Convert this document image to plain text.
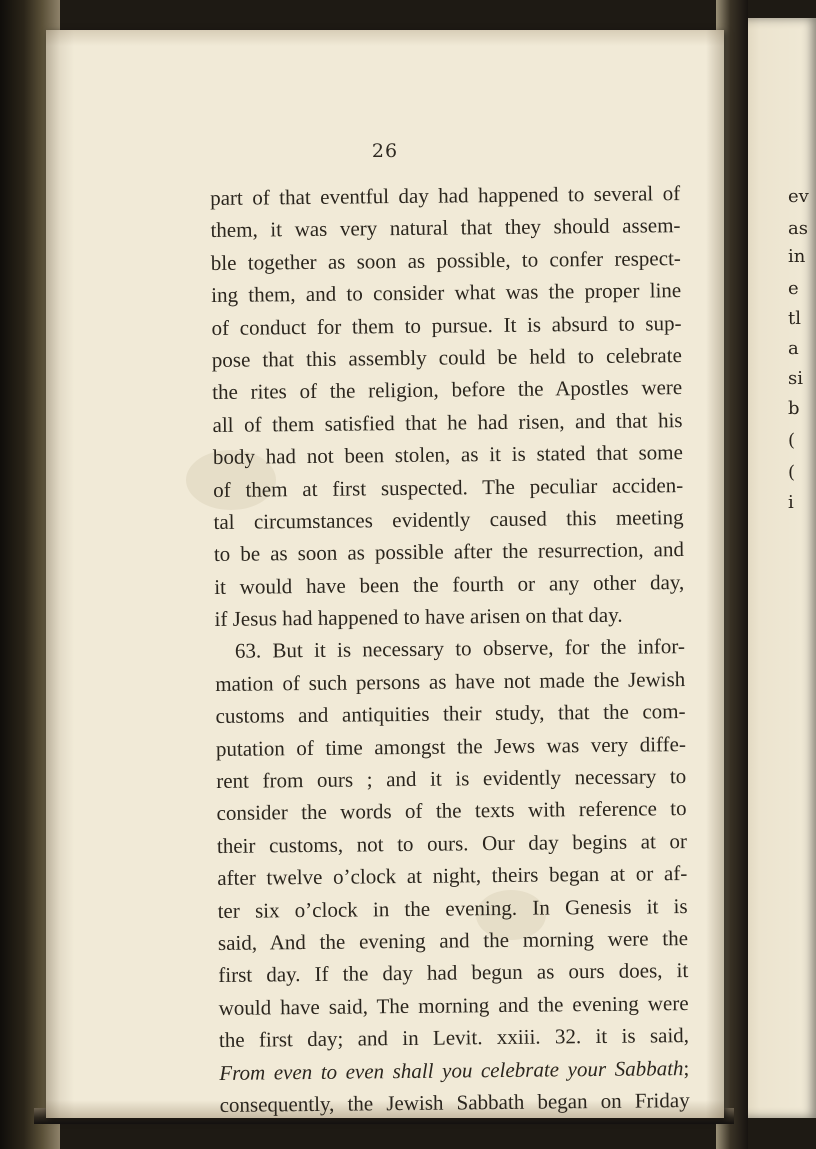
ev
as
in
e
tl
a
si
b
(
(
i
26
part of that eventful day had happened to several of
them, it was very natural that they should assem-
ble together as soon as possible, to confer respect-
ing them, and to consider what was the proper line
of conduct for them to pursue. It is absurd to sup-
pose that this assembly could be held to celebrate
the rites of the religion, before the Apostles were
all of them satisfied that he had risen, and that his
body had not been stolen, as it is stated that some
of them at first suspected. The peculiar acciden-
tal circumstances evidently caused this meeting
to be as soon as possible after the resurrection, and
it would have been the fourth or any other day,
if Jesus had happened to have arisen on that day.
63. But it is necessary to observe, for the infor-
mation of such persons as have not made the Jewish
customs and antiquities their study, that the com-
putation of time amongst the Jews was very diffe-
rent from ours ; and it is evidently necessary to
consider the words of the texts with reference to
their customs, not to ours. Our day begins at or
after twelve o’clock at night, theirs began at or af-
ter six o’clock in the evening. In Genesis it is
said, And the evening and the morning were the
first day. If the day had begun as ours does, it
would have said, The morning and the evening were
the first day; and in Levit. xxiii. 32. it is said,
From even to even shall you celebrate your Sabbath;
consequently, the Jewish Sabbath began on Friday
